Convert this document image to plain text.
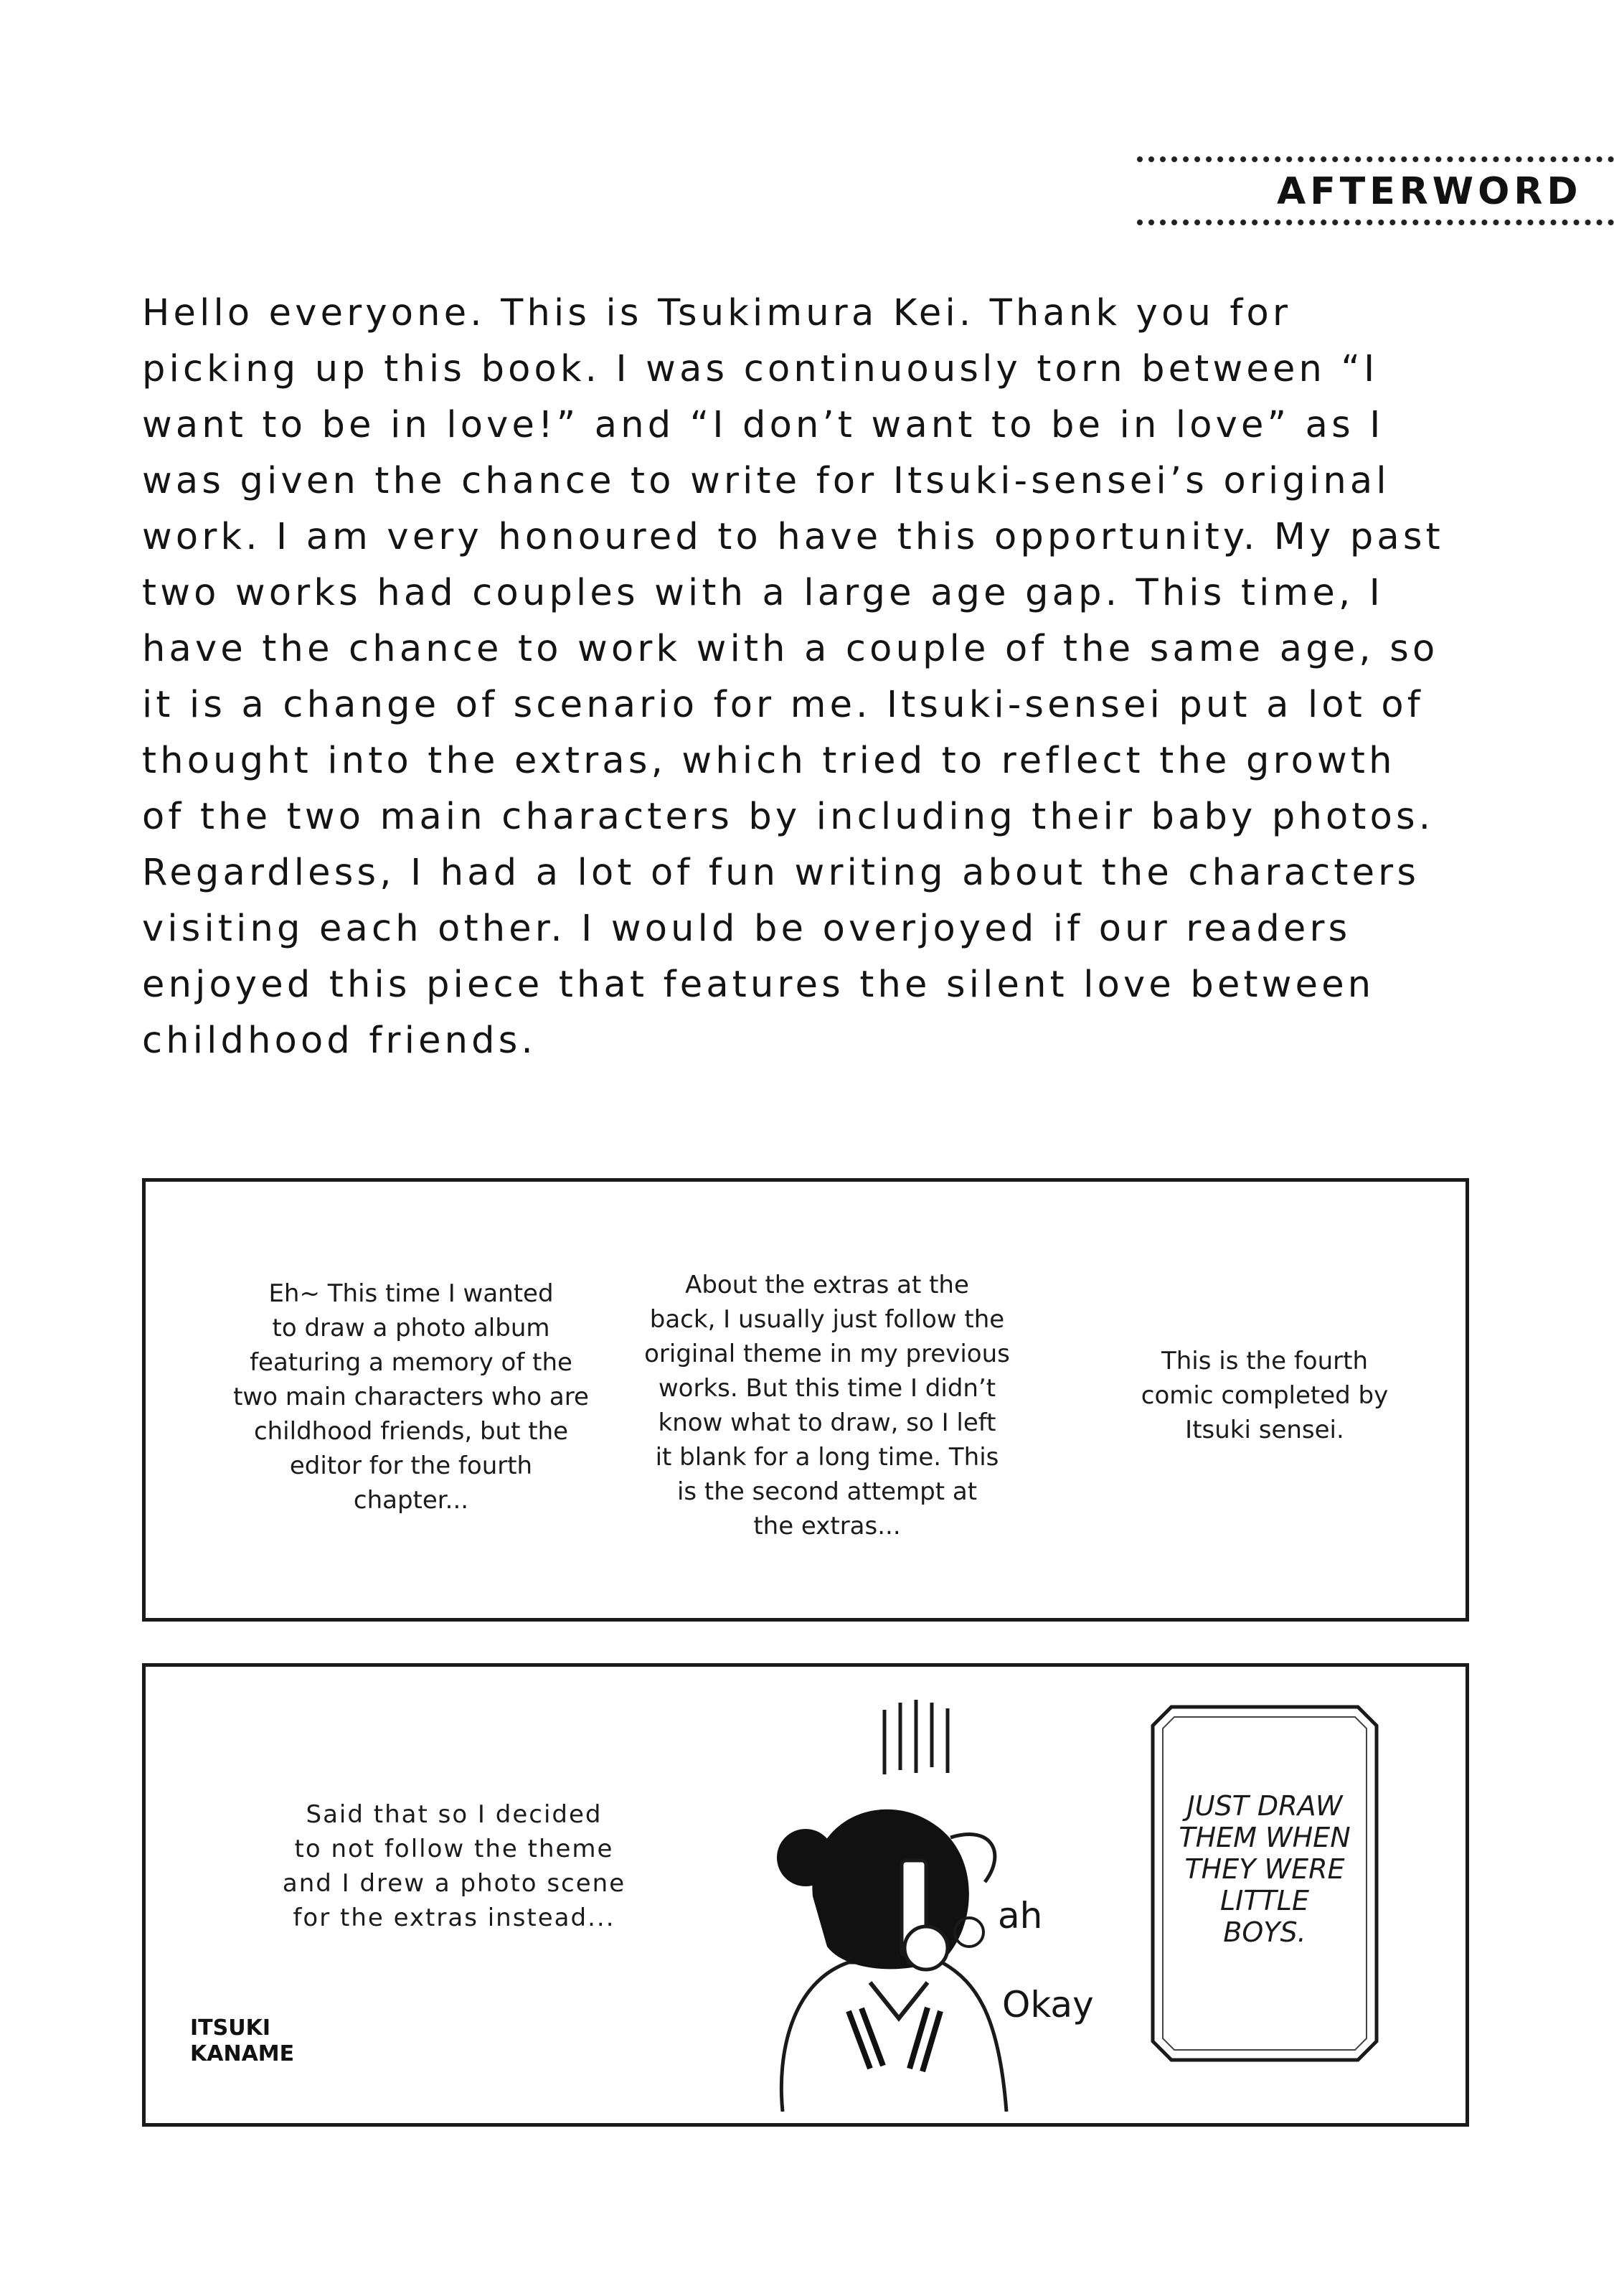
AFTERWORD

Hello everyone. This is Tsukimura Kei. Thank you for
picking up this book. I was continuously torn between “I
want to be in love!” and “I don’t want to be in love” as I
was given the chance to write for Itsuki-sensei’s original
work. I am very honoured to have this opportunity. My past
two works had couples with a large age gap. This time, I
have the chance to work with a couple of the same age, so
it is a change of scenario for me. Itsuki-sensei put a lot of
thought into the extras, which tried to reflect the growth
of the two main characters by including their baby photos.
Regardless, I had a lot of fun writing about the characters
visiting each other. I would be overjoyed if our readers
enjoyed this piece that features the silent love between
childhood friends.

Eh~ This time I wanted
to draw a photo album
featuring a memory of the
two main characters who are
childhood friends, but the
editor for the fourth
chapter...
About the extras at the
back, I usually just follow the
original theme in my previous
works. But this time I didn’t
know what to draw, so I left
it blank for a long time. This
is the second attempt at
the extras...
This is the fourth
comic completed by
Itsuki sensei.
Said that so I decided
to not follow the theme
and I drew a photo scene
for the extras instead...
ITSUKI
KANAME
ah
Okay
JUST DRAW
THEM WHEN
THEY WERE
LITTLE
BOYS.
